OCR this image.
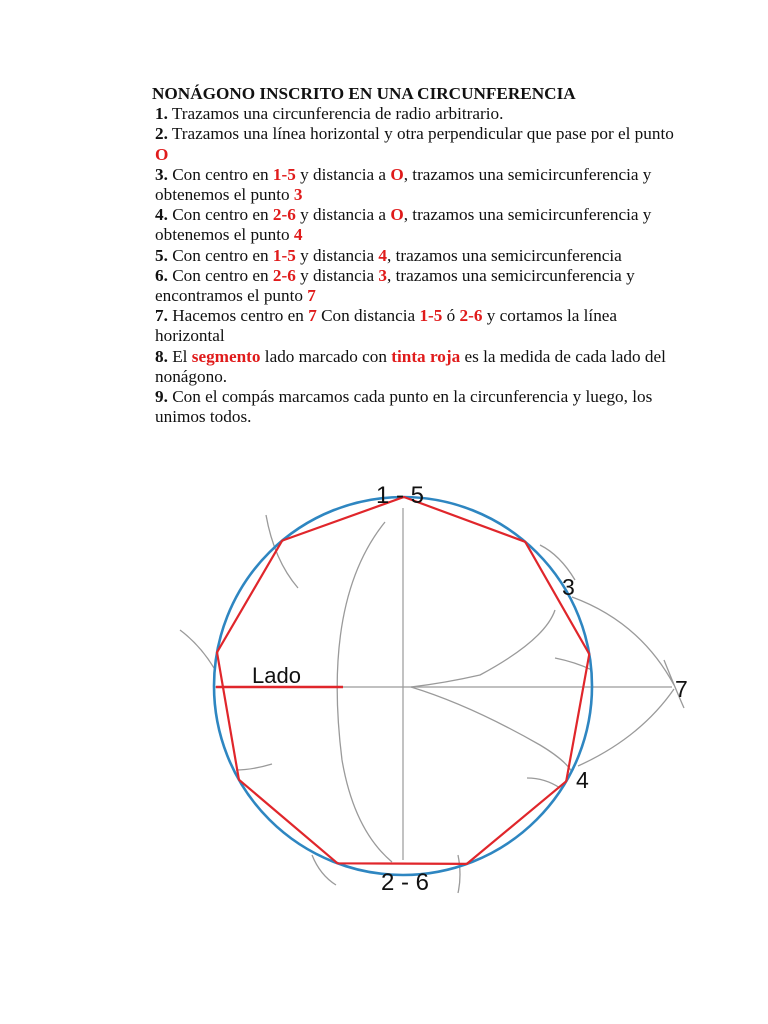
NONÁGONO INSCRITO EN UNA CIRCUNFERENCIA
1. Trazamos una circunferencia de radio arbitrario.
2. Trazamos una línea horizontal y otra perpendicular que pase por el punto O
3. Con centro en 1-5 y distancia a O, trazamos una semicircunferencia y obtenemos el punto 3
4. Con centro en 2-6 y distancia a O, trazamos una semicircunferencia y obtenemos el punto 4
5. Con centro en 1-5 y distancia 4, trazamos una semicircunferencia
6. Con centro en 2-6 y distancia 3, trazamos una semicircunferencia y encontramos el punto 7
7. Hacemos centro en 7 Con distancia 1-5 ó 2-6 y cortamos la línea horizontal
8. El segmento lado marcado con tinta roja es la medida de cada lado del nonágono.
9. Con el compás marcamos cada punto en la circunferencia y luego, los unimos todos.
1 - 5
2 - 6
3
4
7
Lado
